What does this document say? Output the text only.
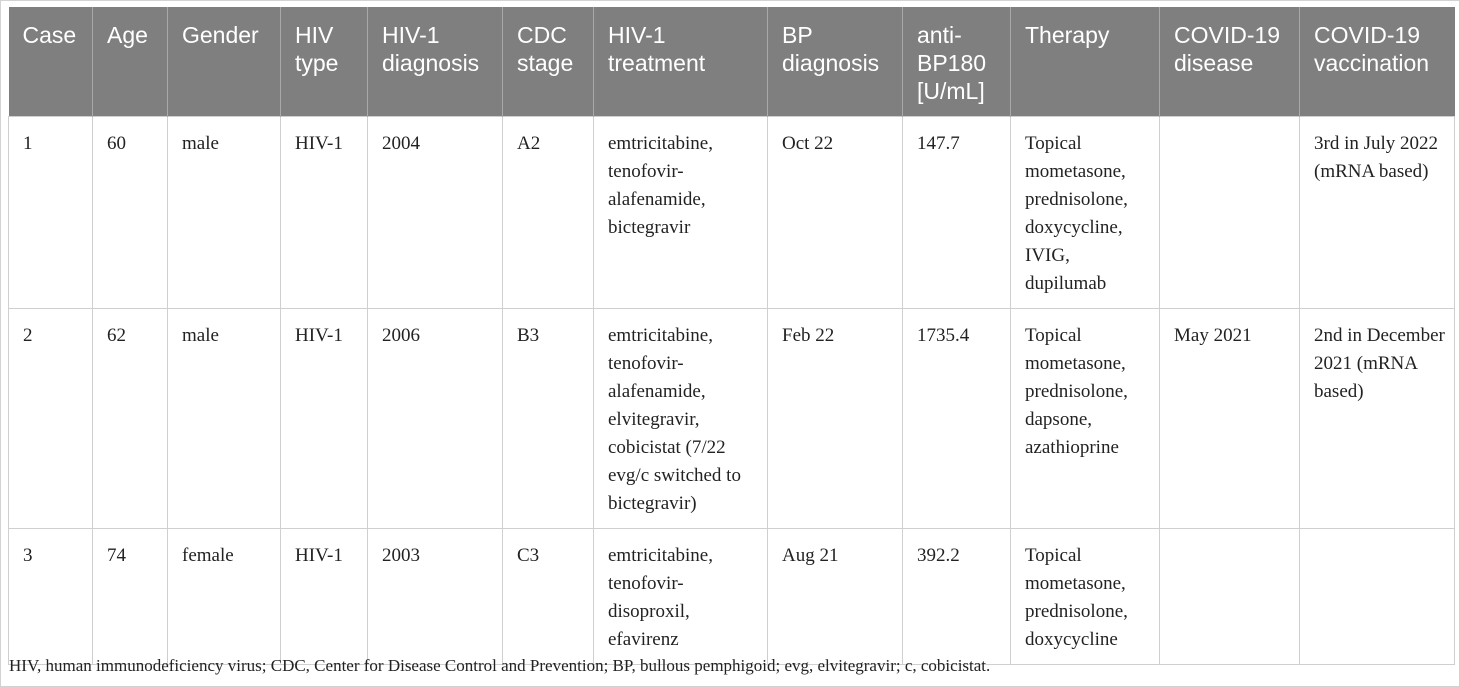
Case	Age	Gender	HIV type	HIV-1 diagnosis	CDC stage	HIV-1 treatment	BP diagnosis	anti-BP180 [U/mL]	Therapy	COVID-19 disease	COVID-19 vaccination
1	60	male	HIV-1	2004	A2	emtricitabine, tenofovir-alafenamide, bictegravir	Oct 22	147.7	Topical mometasone, prednisolone, doxycycline, IVIG, dupilumab		3rd in July 2022 (mRNA based)
2	62	male	HIV-1	2006	B3	emtricitabine, tenofovir-alafenamide, elvitegravir, cobicistat (7/22 evg/c switched to bictegravir)	Feb 22	1735.4	Topical mometasone, prednisolone, dapsone, azathioprine	May 2021	2nd in December 2021 (mRNA based)
3	74	female	HIV-1	2003	C3	emtricitabine, tenofovir-disoproxil, efavirenz	Aug 21	392.2	Topical mometasone, prednisolone, doxycycline		
HIV, human immunodeficiency virus; CDC, Center for Disease Control and Prevention; BP, bullous pemphigoid; evg, elvitegravir; c, cobicistat.
